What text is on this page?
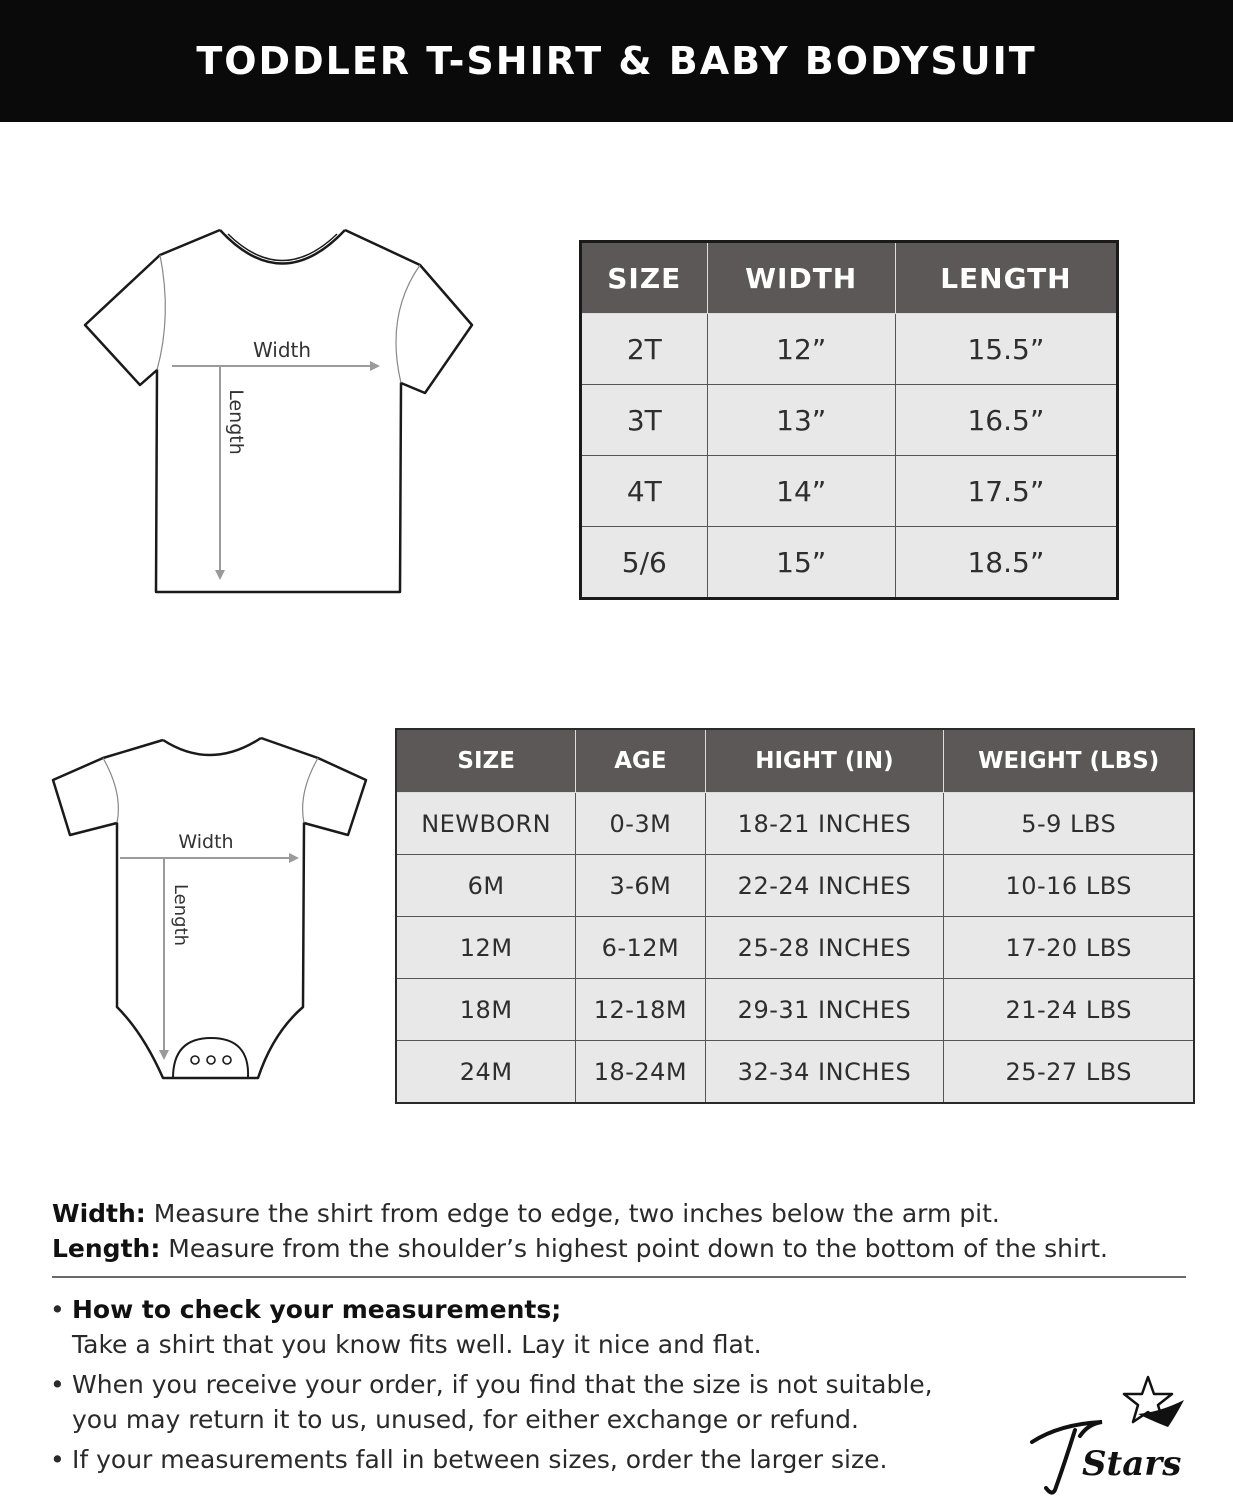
TODDLER T-SHIRT & BABY BODYSUIT
Width
Length
SIZE	WIDTH	LENGTH
2T	12”	15.5”
3T	13”	16.5”
4T	14”	17.5”
5/6	15”	18.5”
Width
Length
SIZE	AGE	HIGHT (IN)	WEIGHT (LBS)
NEWBORN	0-3M	18-21 INCHES	5-9 LBS
6M	3-6M	22-24 INCHES	10-16 LBS
12M	6-12M	25-28 INCHES	17-20 LBS
18M	12-18M	29-31 INCHES	21-24 LBS
24M	18-24M	32-34 INCHES	25-27 LBS

Width: Measure the shirt from edge to edge, two inches below the arm pit.

Length: Measure from the shoulder’s highest point down to the bottom of the shirt.

• How to check your measurements;

Take a shirt that you know fits well. Lay it nice and flat.

• When you receive your order, if you find that the size is not suitable,

you may return it to us, unused, for either exchange or refund.

• If your measurements fall in between sizes, order the larger size.	Stars
